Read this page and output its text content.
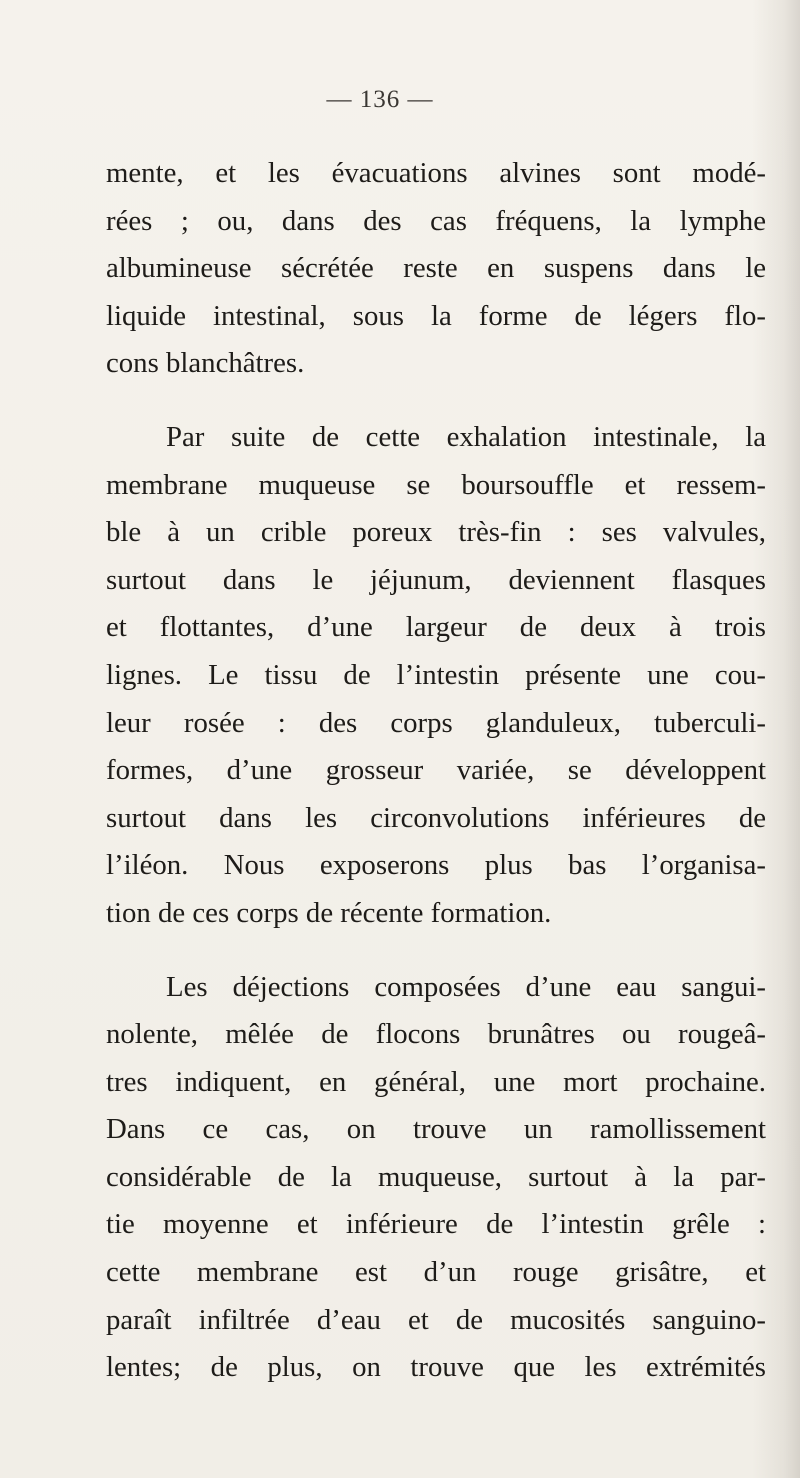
— 136 —
mente, et les évacuations alvines sont modé-
rées ; ou, dans des cas fréquens, la lymphe
albumineuse sécrétée reste en suspens dans le
liquide intestinal, sous la forme de légers flo-
cons blanchâtres.
Par suite de cette exhalation intestinale, la
membrane muqueuse se boursouffle et ressem-
ble à un crible poreux très-fin : ses valvules,
surtout dans le jéjunum, deviennent flasques
et flottantes, d’une largeur de deux à trois
lignes. Le tissu de l’intestin présente une cou-
leur rosée : des corps glanduleux, tuberculi-
formes, d’une grosseur variée, se développent
surtout dans les circonvolutions inférieures de
l’iléon. Nous exposerons plus bas l’organisa-
tion de ces corps de récente formation.
Les déjections composées d’une eau sangui-
nolente, mêlée de flocons brunâtres ou rougeâ-
tres indiquent, en général, une mort prochaine.
Dans ce cas, on trouve un ramollissement
considérable de la muqueuse, surtout à la par-
tie moyenne et inférieure de l’intestin grêle :
cette membrane est d’un rouge grisâtre, et
paraît infiltrée d’eau et de mucosités sanguino-
lentes; de plus, on trouve que les extrémités
